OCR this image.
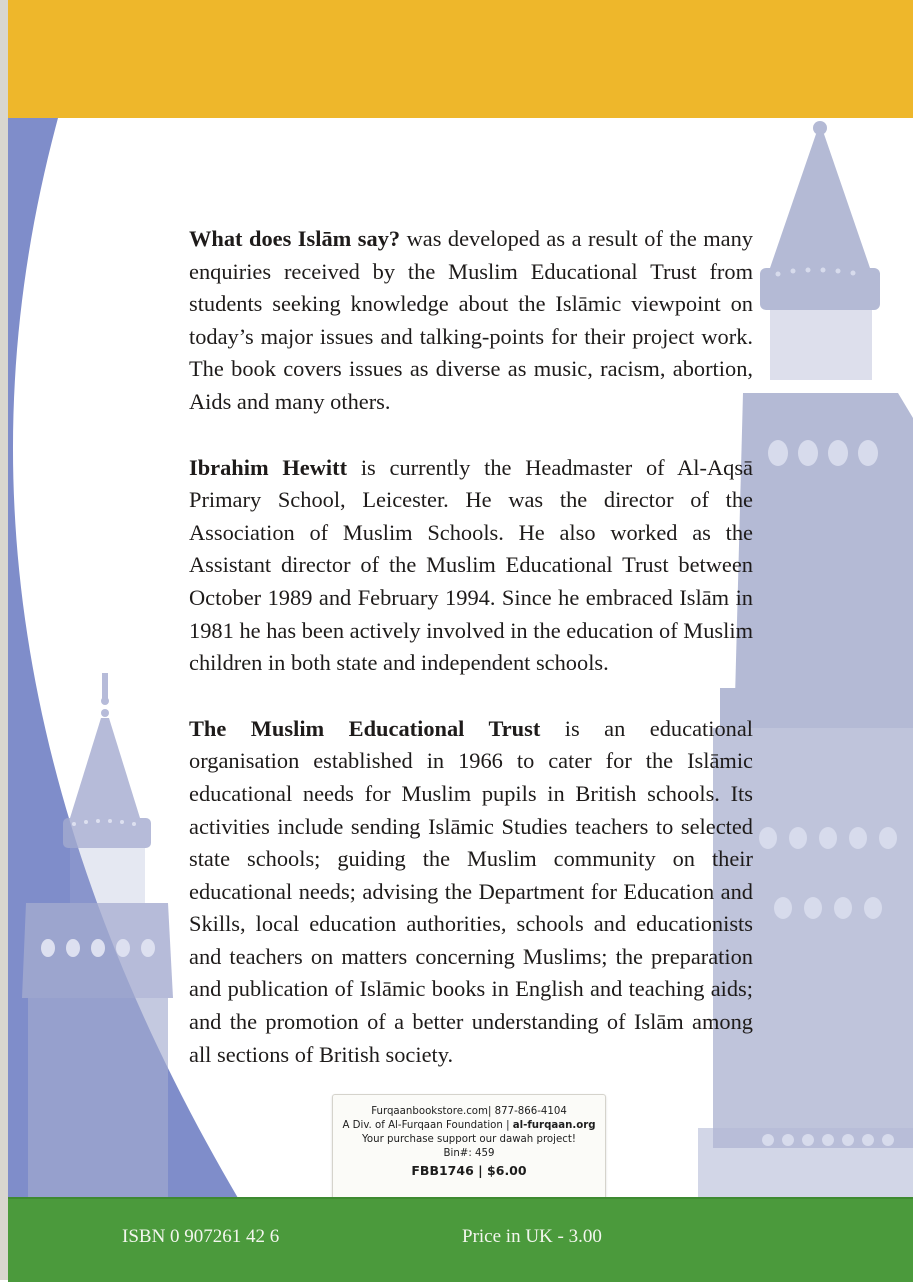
What does Islām say? was developed as a result of the many enquiries received by the Muslim Educational Trust from students seeking knowledge about the Islāmic viewpoint on today’s major issues and talking-points for their project work. The book covers issues as diverse as music, racism, abortion, Aids and many others.

Ibrahim Hewitt is currently the Headmaster of Al-Aqsā Primary School, Leicester. He was the director of the Association of Muslim Schools. He also worked as the Assistant director of the Muslim Educational Trust between October 1989 and February 1994. Since he embraced Islām in 1981 he has been actively involved in the education of Muslim children in both state and independent schools.

The Muslim Educational Trust is an educational organisation established in 1966 to cater for the Islāmic educational needs for Muslim pupils in British schools. Its activities include sending Islāmic Studies teachers to selected state schools; guiding the Muslim community on their educational needs; advising the Department for Education and Skills, local education authorities, schools and educationists and teachers on matters concerning Muslims; the preparation and publication of Islāmic books in English and teaching aids; and the promotion of a better understanding of Islām among all sections of British society.

Furqaanbookstore.com| 877-866-4104
A Div. of Al-Furqaan Foundation | al-furqaan.org
Your purchase support our dawah project!
Bin#: 459
FBB1746 | $6.00
ISBN 0 907261 42 6	Price in UK - 3.00
